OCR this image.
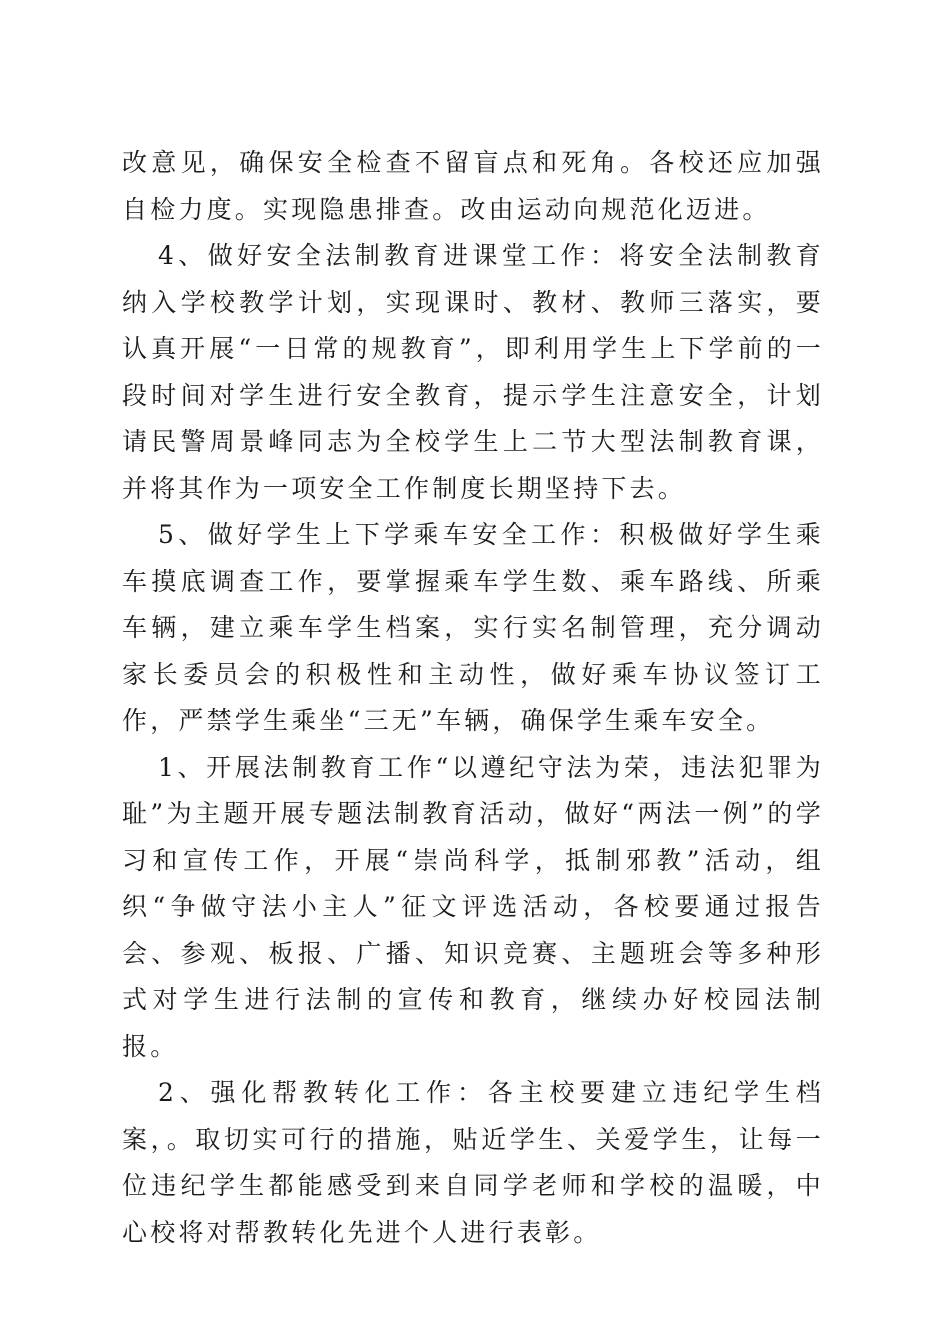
改意见，确保安全检查不留盲点和死角。各校还应加强自检力度。实现隐患排查。改由运动向规范化迈进。

4、做好安全法制教育进课堂工作：将安全法制教育纳入学校教学计划，实现课时、教材、教师三落实，要认真开展“一日常的规教育”，即利用学生上下学前的一段时间对学生进行安全教育，提示学生注意安全，计划请民警周景峰同志为全校学生上二节大型法制教育课，并将其作为一项安全工作制度长期坚持下去。

5、做好学生上下学乘车安全工作：积极做好学生乘车摸底调查工作，要掌握乘车学生数、乘车路线、所乘车辆，建立乘车学生档案，实行实名制管理，充分调动家长委员会的积极性和主动性，做好乘车协议签订工作，严禁学生乘坐“三无”车辆，确保学生乘车安全。

1、开展法制教育工作“以遵纪守法为荣，违法犯罪为耻”为主题开展专题法制教育活动，做好“两法一例”的学习和宣传工作，开展“崇尚科学，抵制邪教”活动，组织“争做守法小主人”征文评选活动，各校要通过报告会、参观、板报、广播、知识竞赛、主题班会等多种形式对学生进行法制的宣传和教育，继续办好校园法制报。

2、强化帮教转化工作：各主校要建立违纪学生档案，。取切实可行的措施，贴近学生、关爱学生，让每一位违纪学生都能感受到来自同学老师和学校的温暖，中心校将对帮教转化先进个人进行表彰。
